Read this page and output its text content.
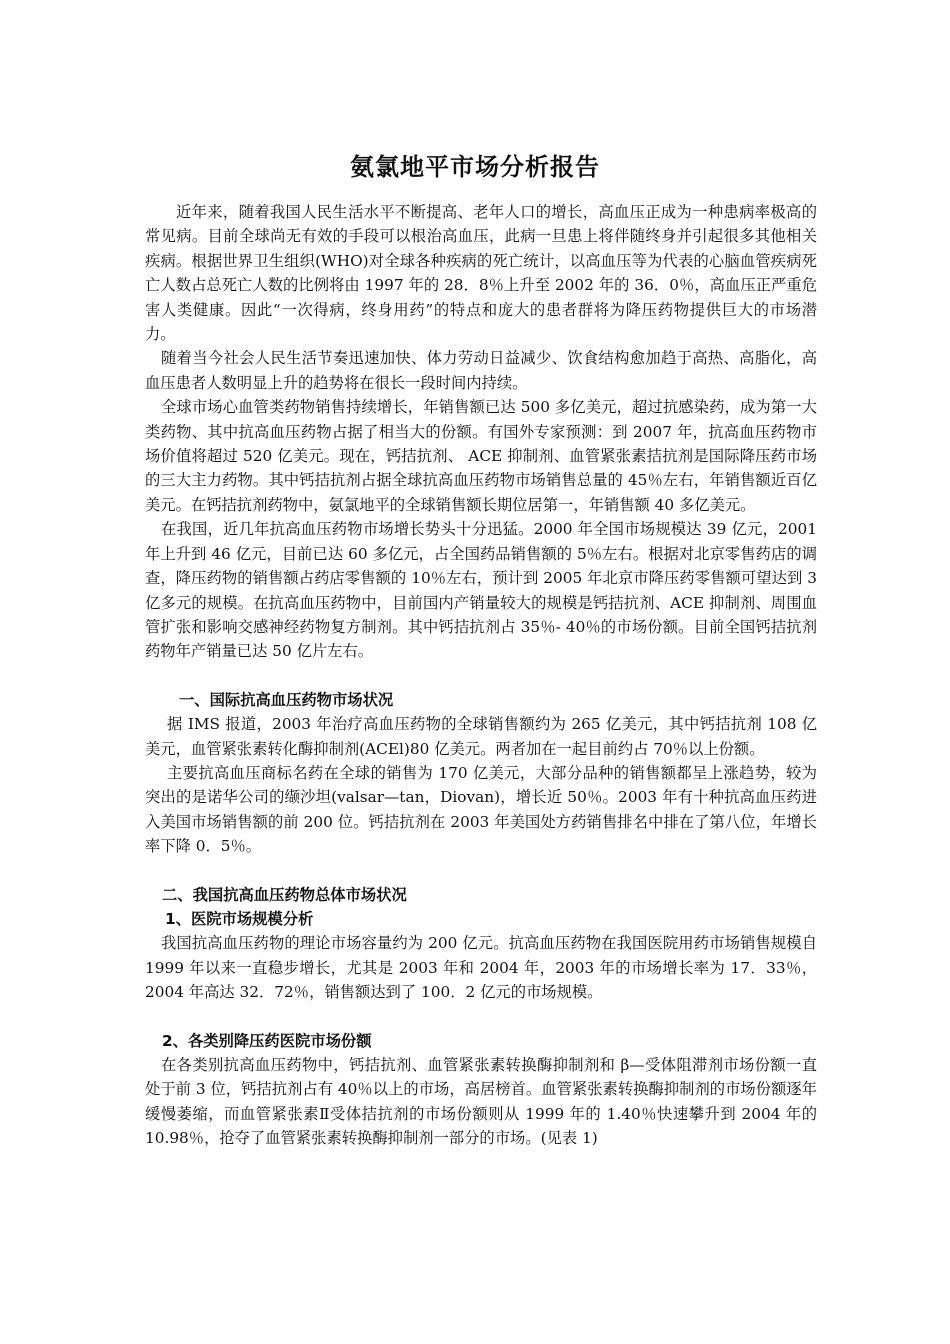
氨氯地平市场分析报告

近年来，随着我国人民生活水平不断提高、老年人口的增长，高血压正成为一种患病率极高的常见病。目前全球尚无有效的手段可以根治高血压，此病一旦患上将伴随终身并引起很多其他相关疾病。根据世界卫生组织(WHO)对全球各种疾病的死亡统计，以高血压等为代表的心脑血管疾病死亡人数占总死亡人数的比例将由 1997 年的 28．8％上升至 2002 年的 36．0％，高血压正严重危害人类健康。因此“一次得病，终身用药”的特点和庞大的患者群将为降压药物提供巨大的市场潜力。

随着当今社会人民生活节奏迅速加快、体力劳动日益减少、饮食结构愈加趋于高热、高脂化，高血压患者人数明显上升的趋势将在很长一段时间内持续。

全球市场心血管类药物销售持续增长，年销售额已达 500 多亿美元，超过抗感染药，成为第一大类药物、其中抗高血压药物占据了相当大的份额。有国外专家预测：到 2007 年，抗高血压药物市场价值将超过 520 亿美元。现在，钙拮抗剂、 ACE 抑制剂、血管紧张素拮抗剂是国际降压药市场的三大主力药物。其中钙拮抗剂占据全球抗高血压药物市场销售总量的 45％左右，年销售额近百亿美元。在钙拮抗剂药物中，氨氯地平的全球销售额长期位居第一，年销售额 40 多亿美元。

在我国，近几年抗高血压药物市场增长势头十分迅猛。2000 年全国市场规模达 39 亿元，2001 年上升到 46 亿元，目前已达 60 多亿元，占全国药品销售额的 5％左右。根据对北京零售药店的调查，降压药物的销售额占药店零售额的 10％左右，预计到 2005 年北京市降压药零售额可望达到 3 亿多元的规模。在抗高血压药物中，目前国内产销量较大的规模是钙拮抗剂、ACE 抑制剂、周围血管扩张和影响交感神经药物复方制剂。其中钙拮抗剂占 35％- 40％的市场份额。目前全国钙拮抗剂药物年产销量已达 50 亿片左右。

一、国际抗高血压药物市场状况

据 IMS 报道，2003 年治疗高血压药物的全球销售额约为 265 亿美元，其中钙拮抗剂 108 亿美元，血管紧张素转化酶抑制剂(ACEl)80 亿美元。两者加在一起目前约占 70％以上份额。

主要抗高血压商标名药在全球的销售为 170 亿美元，大部分品种的销售额都呈上涨趋势，较为突出的是诺华公司的缬沙坦(valsar—tan，Diovan)，增长近 50％。2003 年有十种抗高血压药进入美国市场销售额的前 200 位。钙拮抗剂在 2003 年美国处方药销售排名中排在了第八位，年增长率下降 0．5％。

二、我国抗高血压药物总体市场状况
1、医院市场规模分析

我国抗高血压药物的理论市场容量约为 200 亿元。抗高血压药物在我国医院用药市场销售规模自 1999 年以来一直稳步增长，尤其是 2003 年和 2004 年，2003 年的市场增长率为 17．33％，2004 年高达 32．72％，销售额达到了 100．2 亿元的市场规模。

2、各类别降压药医院市场份额

在各类别抗高血压药物中，钙拮抗剂、血管紧张素转换酶抑制剂和 β—受体阻滞剂市场份额一直处于前 3 位，钙拮抗剂占有 40％以上的市场，高居榜首。血管紧张素转换酶抑制剂的市场份额逐年缓慢萎缩，而血管紧张素Ⅱ受体拮抗剂的市场份额则从 1999 年的 1.40％快速攀升到 2004 年的 10.98％，抢夺了血管紧张素转换酶抑制剂一部分的市场。(见表 1)
